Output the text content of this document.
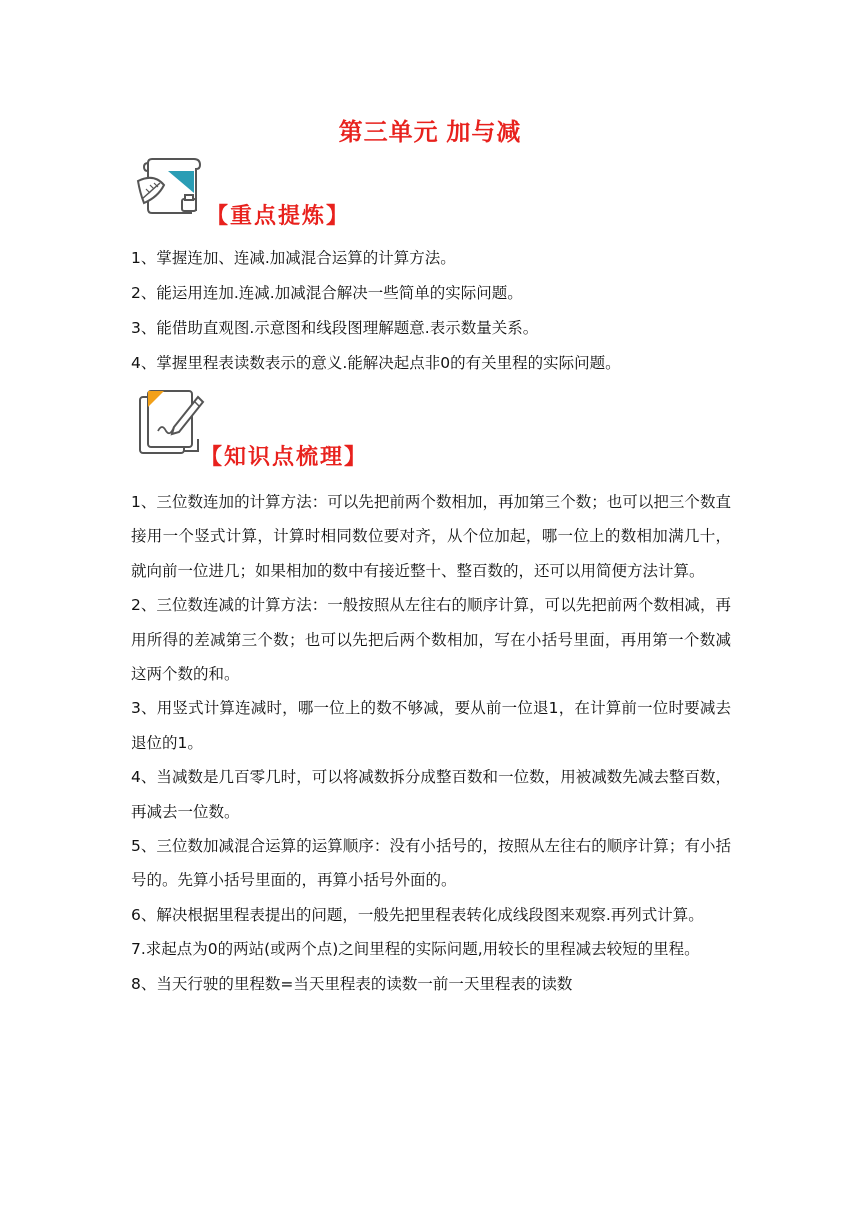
第三单元 加与减
【重点提炼】
1、掌握连加、连减.加减混合运算的计算方法。
2、能运用连加.连减.加减混合解决一些简单的实际问题。
3、能借助直观图.示意图和线段图理解题意.表示数量关系。
4、掌握里程表读数表示的意义.能解决起点非0的有关里程的实际问题。
【知识点梳理】

1、三位数连加的计算方法：可以先把前两个数相加，再加第三个数；也可以把三个数直接用一个竖式计算，计算时相同数位要对齐，从个位加起，哪一位上的数相加满几十，就向前一位进几；如果相加的数中有接近整十、整百数的，还可以用简便方法计算。

2、三位数连减的计算方法：一般按照从左往右的顺序计算，可以先把前两个数相减，再用所得的差减第三个数；也可以先把后两个数相加，写在小括号里面，再用第一个数减这两个数的和。

3、用竖式计算连减时，哪一位上的数不够减，要从前一位退1，在计算前一位时要减去退位的1。

4、当减数是几百零几时，可以将减数拆分成整百数和一位数，用被减数先减去整百数，再减去一位数。

5、三位数加减混合运算的运算顺序：没有小括号的，按照从左往右的顺序计算；有小括号的。先算小括号里面的，再算小括号外面的。

6、解决根据里程表提出的问题，一般先把里程表转化成线段图来观察.再列式计算。

7.求起点为0的两站(或两个点)之间里程的实际问题,用较长的里程减去较短的里程。

8、当天行驶的里程数=当天里程表的读数一前一天里程表的读数
